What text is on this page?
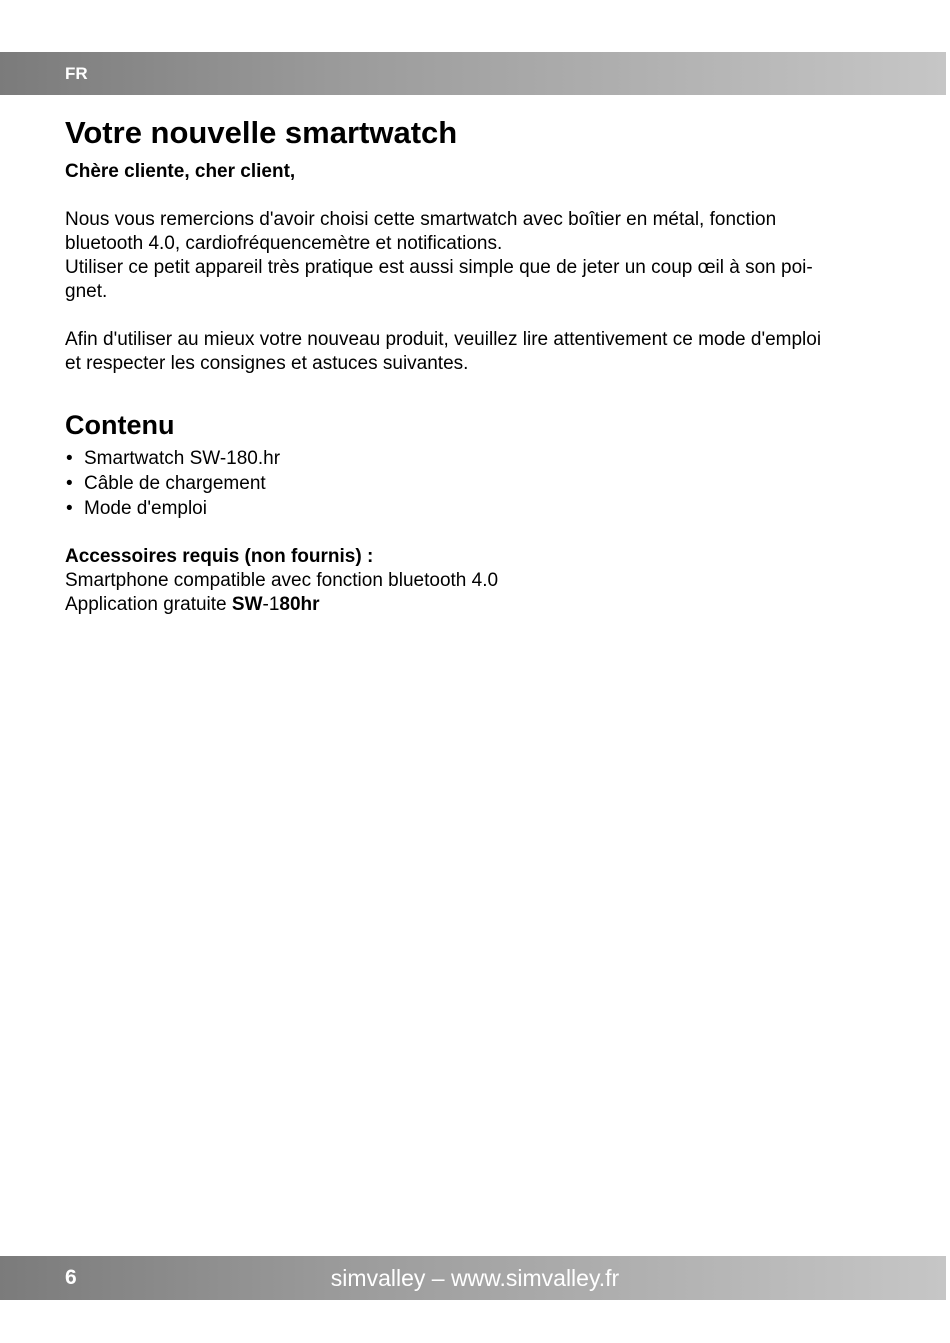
FR
Votre nouvelle smartwatch
Chère cliente, cher client,

Nous vous remercions d'avoir choisi cette smartwatch avec boîtier en métal, fonction

bluetooth 4.0, cardiofréquencemètre et notifications.

Utiliser ce petit appareil très pratique est aussi simple que de jeter un coup œil à son poi-

gnet.

Afin d'utiliser au mieux votre nouveau produit, veuillez lire attentivement ce mode d'emploi

et respecter les consignes et astuces suivantes.

Contenu
• Smartwatch SW-180.hr
• Câble de chargement
• Mode d'emploi
Accessoires requis (non fournis) :

Smartphone compatible avec fonction bluetooth 4.0

Application gratuite SW-180hr

simvalley – www.simvalley.fr
6
